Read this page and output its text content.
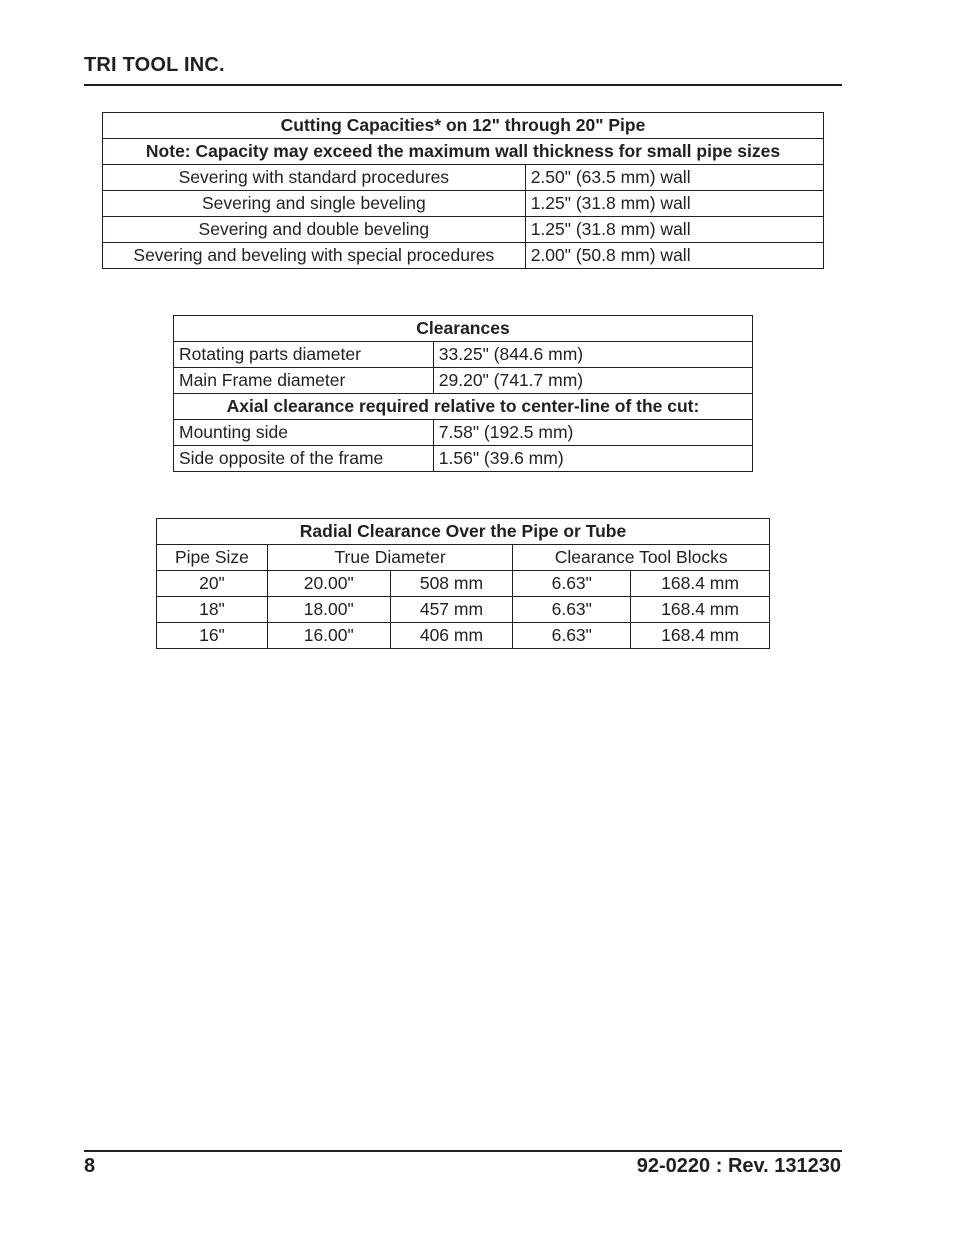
TRI TOOL INC.
Cutting Capacities* on 12" through 20" Pipe	
Note: Capacity may exceed the maximum wall thickness for small pipe sizes	
Severing with standard procedures	2.50" (63.5 mm) wall
Severing and single beveling	1.25" (31.8 mm) wall
Severing and double beveling	1.25" (31.8 mm) wall
Severing and beveling with special procedures	2.00" (50.8 mm) wall
Clearances	
Rotating parts diameter	33.25" (844.6 mm)
Main Frame diameter	29.20" (741.7 mm)
Axial clearance required relative to center-line of the cut:	
Mounting side	7.58" (192.5 mm)
Side opposite of the frame	1.56" (39.6 mm)
Radial Clearance Over the Pipe or Tube				
Pipe Size	True Diameter		Clearance Tool Blocks	
20"	20.00"	508 mm	6.63"	168.4 mm
18"	18.00"	457 mm	6.63"	168.4 mm
16"	16.00"	406 mm	6.63"	168.4 mm
8	92-0220 : Rev. 131230
